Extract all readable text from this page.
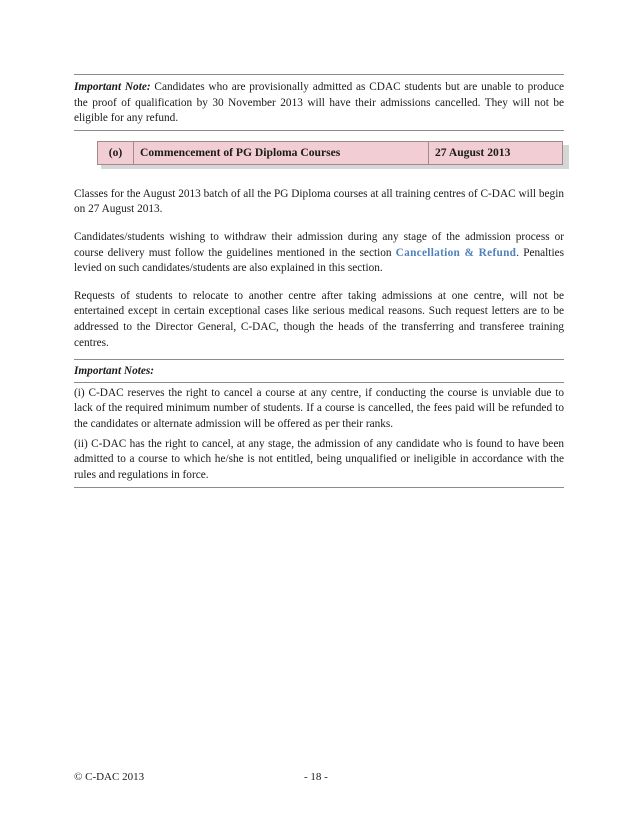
Important Note: Candidates who are provisionally admitted as CDAC students but are unable to produce the proof of qualification by 30 November 2013 will have their admissions cancelled. They will not be eligible for any refund.
(o)	Commencement of PG Diploma Courses	27 August 2013
Classes for the August 2013 batch of all the PG Diploma courses at all training centres of C-DAC will begin on 27 August 2013.
Candidates/students wishing to withdraw their admission during any stage of the admission process or course delivery must follow the guidelines mentioned in the section Cancellation & Refund. Penalties levied on such candidates/students are also explained in this section.
Requests of students to relocate to another centre after taking admissions at one centre, will not be entertained except in certain exceptional cases like serious medical reasons. Such request letters are to be addressed to the Director General, C-DAC, though the heads of the transferring and transferee training centres.
Important Notes:
(i) C-DAC reserves the right to cancel a course at any centre, if conducting the course is unviable due to lack of the required minimum number of students. If a course is cancelled, the fees paid will be refunded to the candidates or alternate admission will be offered as per their ranks.
(ii) C-DAC has the right to cancel, at any stage, the admission of any candidate who is found to have been admitted to a course to which he/she is not entitled, being unqualified or ineligible in accordance with the rules and regulations in force.
© C-DAC 2013	- 18 -
